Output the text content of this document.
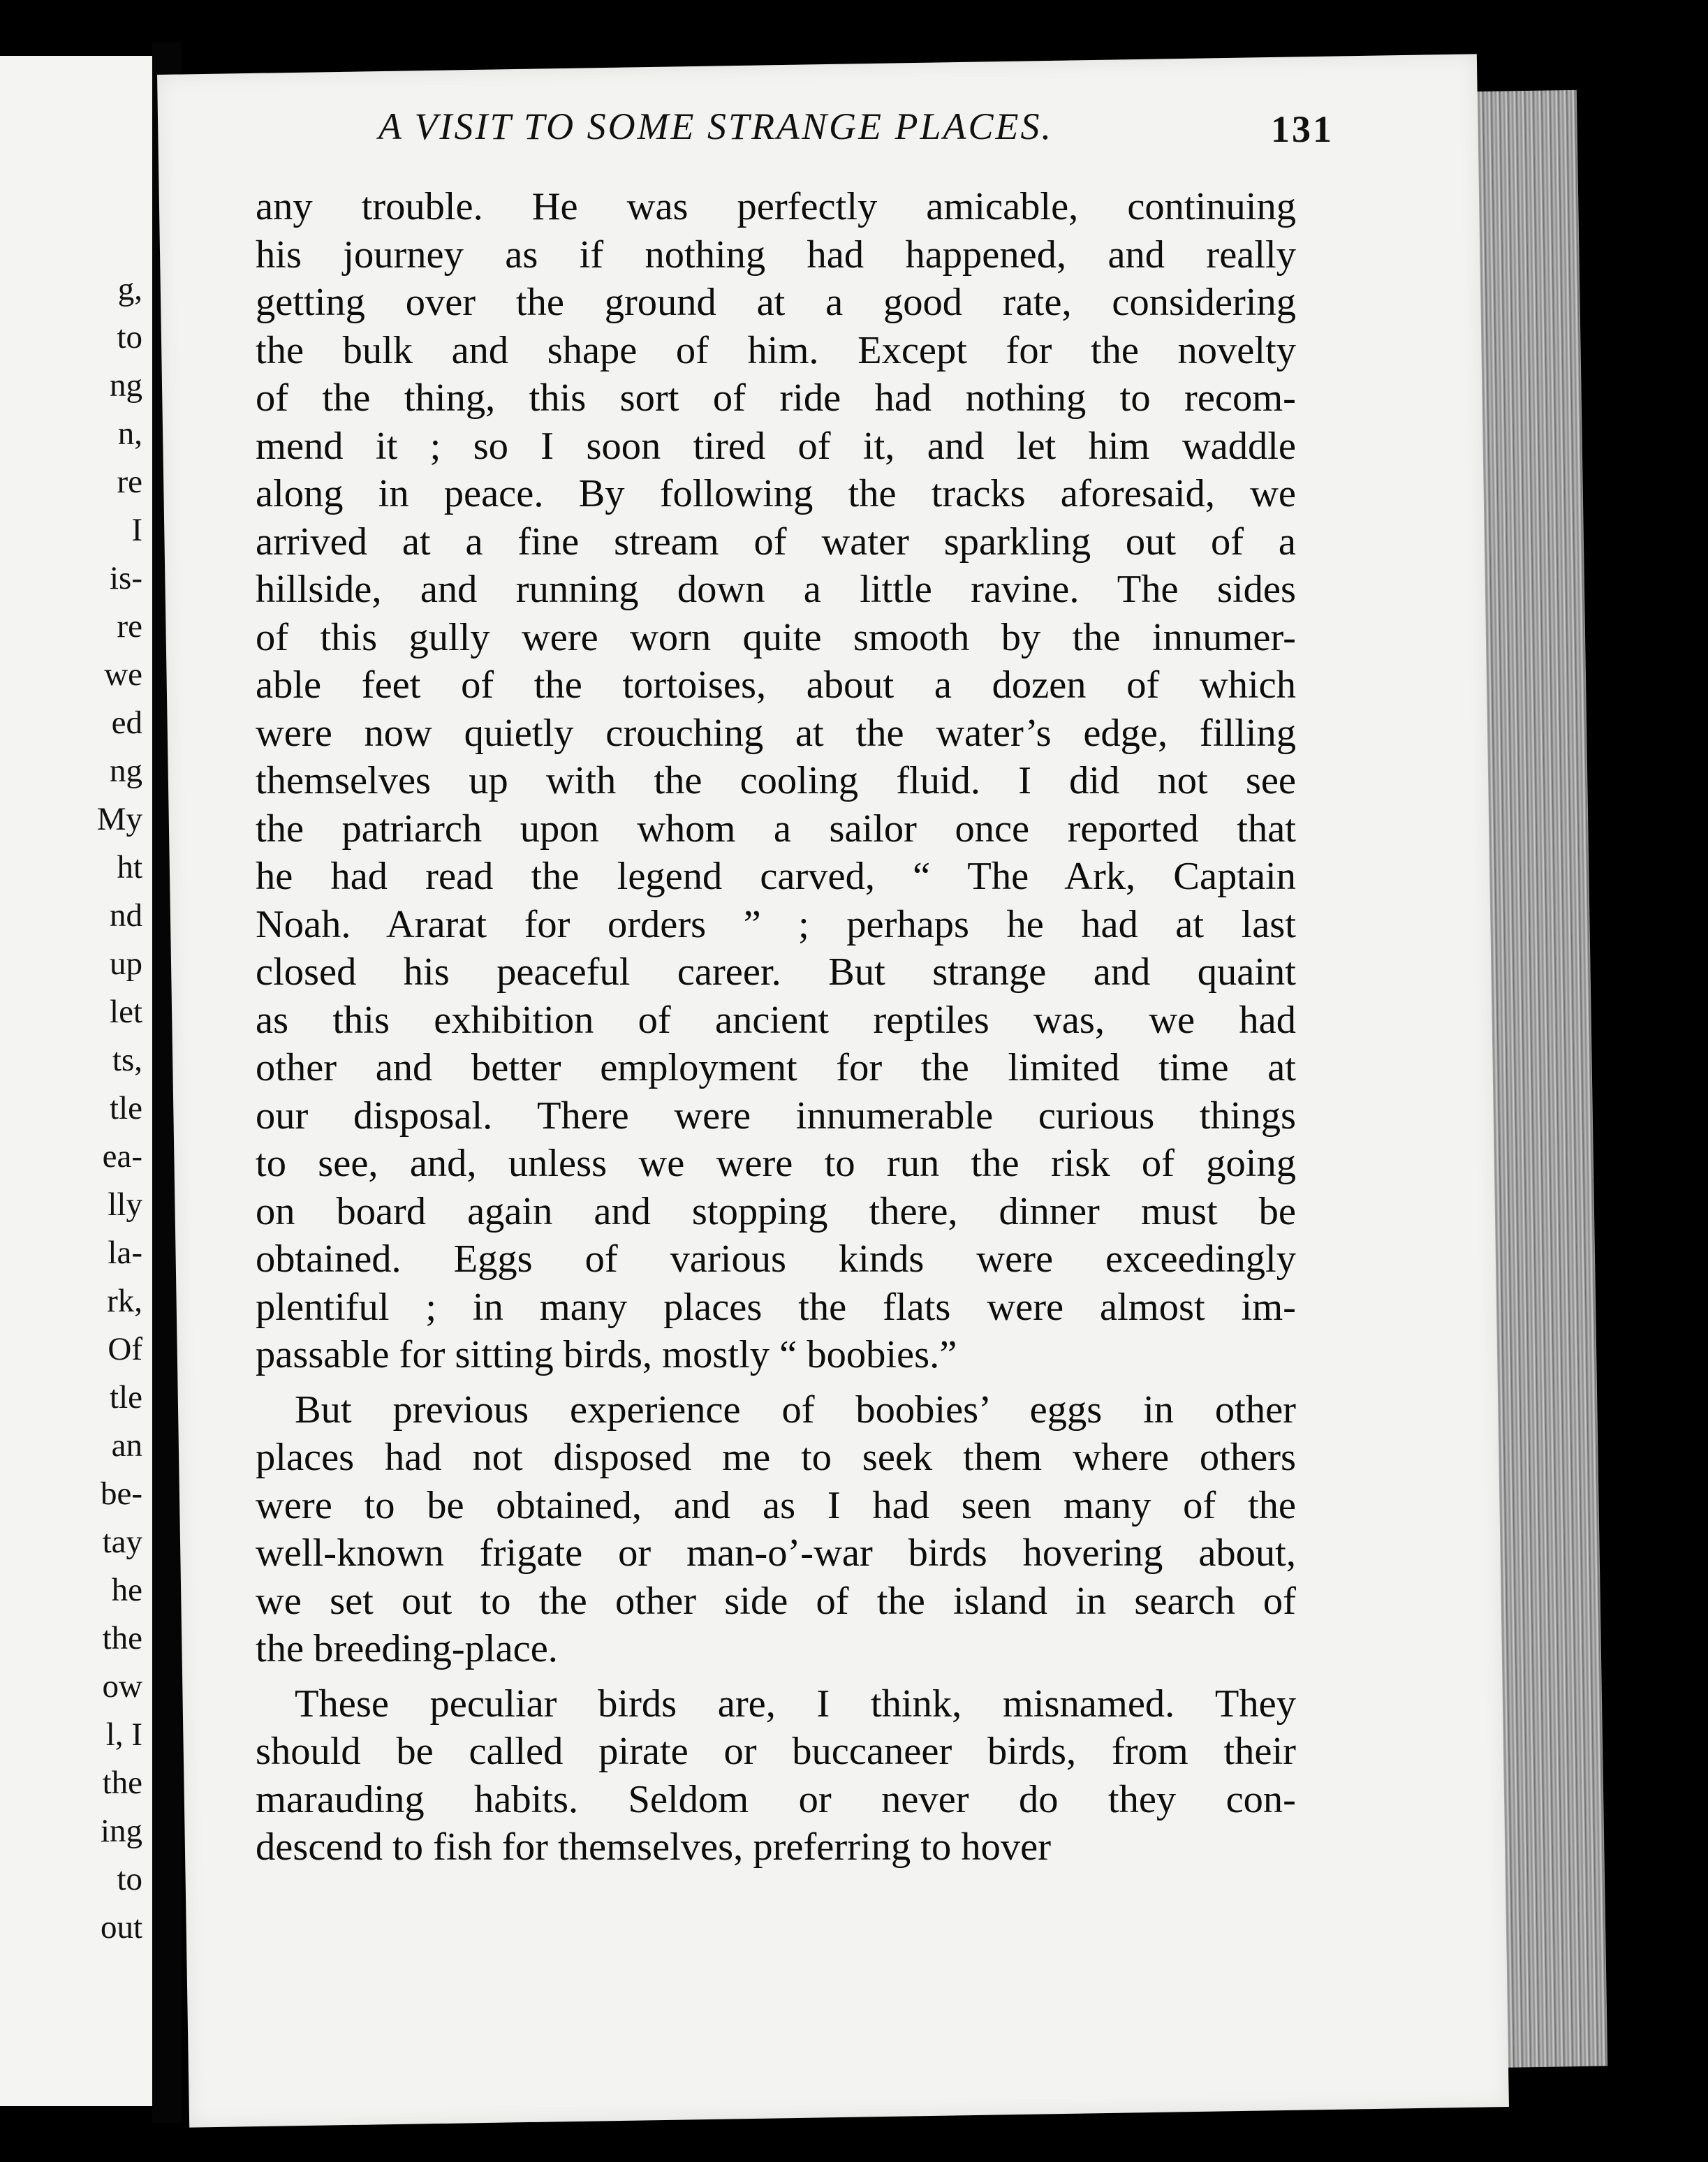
g,
to
ng
n,
re
I
is-
re
we
ed
ng
My
ht
nd
up
let
ts,
tle
ea-
lly
la-
rk,
Of
tle
an
be-
tay
he
the
ow
l, I
the
ing
to
out
A VISIT TO SOME STRANGE PLACES.	131
any trouble. He was perfectly amicable, continuing
his journey as if nothing had happened, and really
getting over the ground at a good rate, considering
the bulk and shape of him. Except for the novelty
of the thing, this sort of ride had nothing to recom-
mend it ; so I soon tired of it, and let him waddle
along in peace. By following the tracks aforesaid, we
arrived at a fine stream of water sparkling out of a
hillside, and running down a little ravine. The sides
of this gully were worn quite smooth by the innumer-
able feet of the tortoises, about a dozen of which
were now quietly crouching at the water’s edge, filling
themselves up with the cooling fluid. I did not see
the patriarch upon whom a sailor once reported that
he had read the legend carved, “ The Ark, Captain
Noah. Ararat for orders ” ; perhaps he had at last
closed his peaceful career. But strange and quaint
as this exhibition of ancient reptiles was, we had
other and better employment for the limited time at
our disposal. There were innumerable curious things
to see, and, unless we were to run the risk of going
on board again and stopping there, dinner must be
obtained. Eggs of various kinds were exceedingly
plentiful ; in many places the flats were almost im-
passable for sitting birds, mostly “ boobies.”
But previous experience of boobies’ eggs in other
places had not disposed me to seek them where others
were to be obtained, and as I had seen many of the
well-known frigate or man-o’-war birds hovering about,
we set out to the other side of the island in search of
the breeding-place.
These peculiar birds are, I think, misnamed. They
should be called pirate or buccaneer birds, from their
marauding habits. Seldom or never do they con-
descend to fish for themselves, preferring to hover
